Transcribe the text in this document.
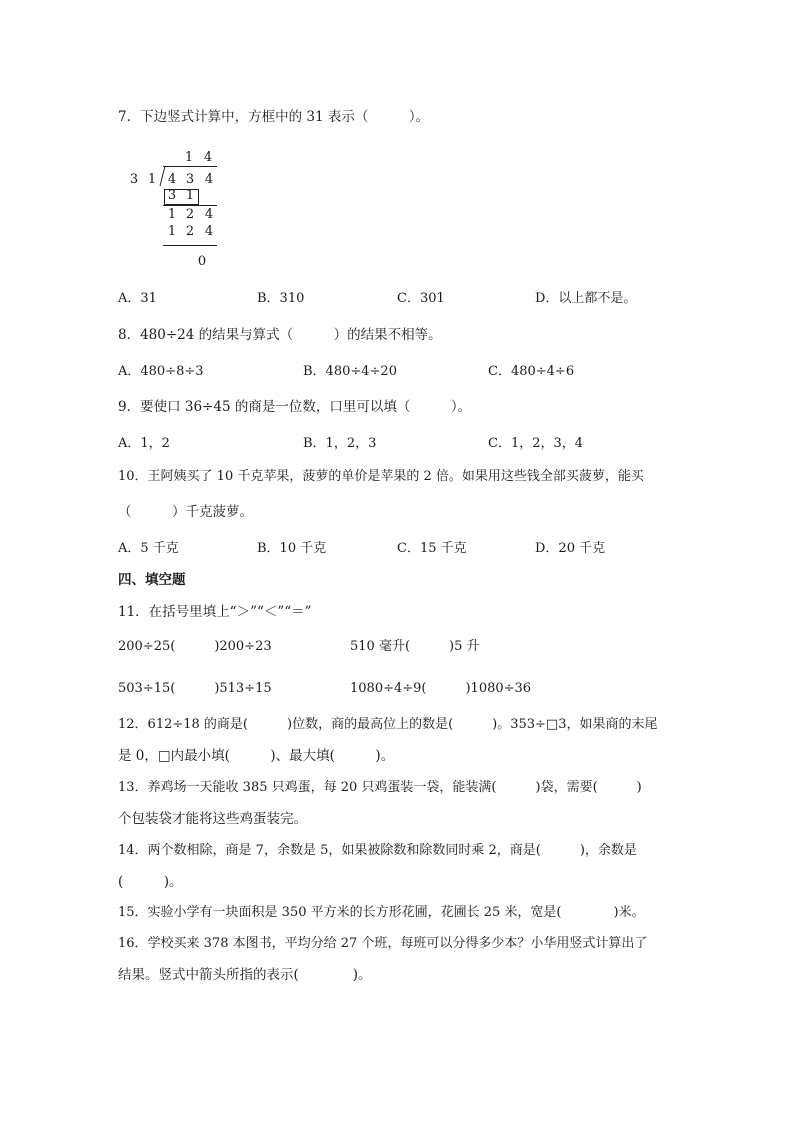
7．下边竖式计算中，方框中的 31 表示（　　　）。
1 4
3 1 4 3 4
3 1
1 2 4
1 2 4
0
A．31	B．310	C．301	D．以上都不是。
8．480÷24 的结果与算式（　　　）的结果不相等。
A．480÷8÷3	B．480÷4÷20	C．480÷4÷6
9．要使口 36÷45 的商是一位数，口里可以填（　　　）。
A．1，2	B．1，2，3	C．1，2，3，4
10．王阿姨买了 10 千克苹果，菠萝的单价是苹果的 2 倍。如果用这些钱全部买菠萝，能买
（　　　）千克菠萝。
A．5 千克	B．10 千克	C．15 千克	D．20 千克
四、填空题
11．在括号里填上“＞”“＜”“＝”
200÷25(　　　)200÷23	510 毫升(　　　)5 升
503÷15(　　　)513÷15	1080÷4÷9(　　　)1080÷36
12．612÷18 的商是(　　　)位数，商的最高位上的数是(　　　)。353÷□3，如果商的末尾
是 0，□内最小填(　　　)、最大填(　　　)。
13．养鸡场一天能收 385 只鸡蛋，每 20 只鸡蛋装一袋，能装满(　　　)袋，需要(　　　)
个包装袋才能将这些鸡蛋装完。
14．两个数相除，商是 7，余数是 5，如果被除数和除数同时乘 2，商是(　　　)，余数是
(　　　)。
15．实验小学有一块面积是 350 平方米的长方形花圃，花圃长 25 米，宽是(　　　　)米。
16．学校买来 378 本图书，平均分给 27 个班，每班可以分得多少本？小华用竖式计算出了
结果。竖式中箭头所指的表示(　　　　)。
